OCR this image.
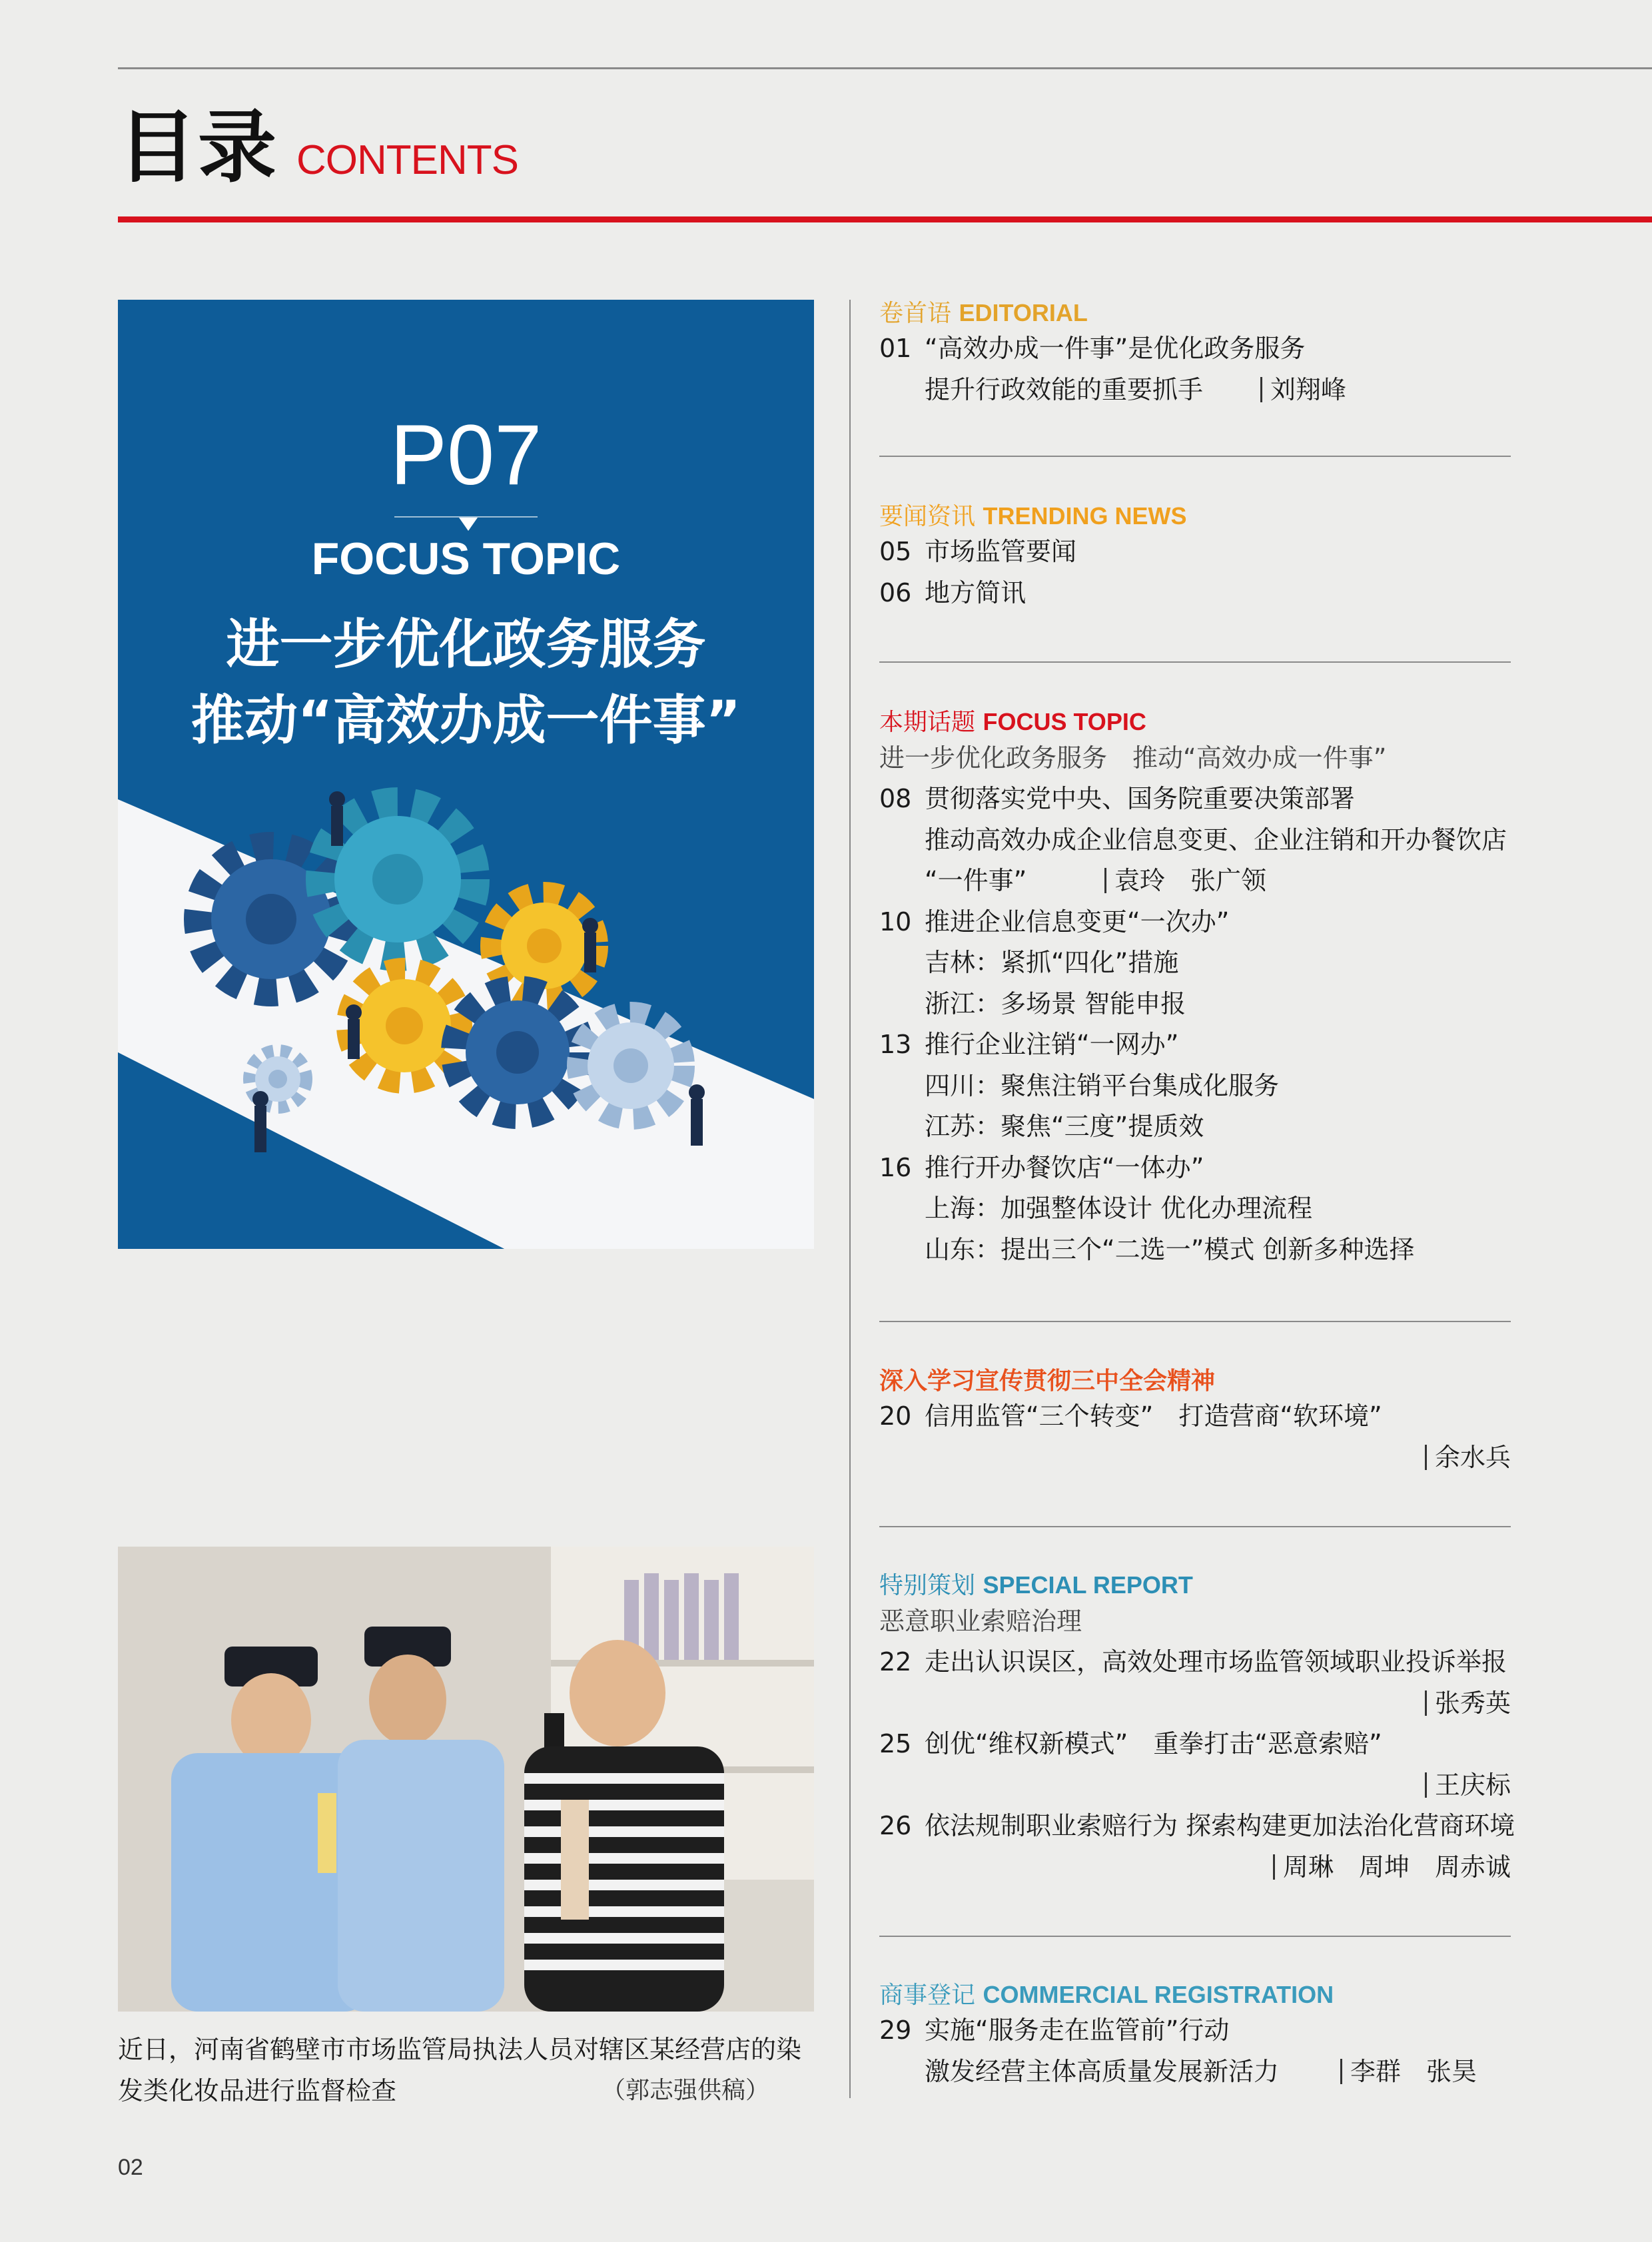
目录 CONTENTS
P07
FOCUS TOPIC
进一步优化政务服务
推动“高效办成一件事”
近日，河南省鹤壁市市场监管局执法人员对辖区某经营店的染发类化妆品进行监督检查	（郭志强供稿）
02
卷首语 EDITORIAL
01 “高效办成一件事”是优化政务服务
提升行政效能的重要抓手	刘翔峰
要闻资讯 TRENDING NEWS
05 市场监管要闻
06 地方简讯
本期话题 FOCUS TOPIC
进一步优化政务服务　推动“高效办成一件事”
08 贯彻落实党中央、国务院重要决策部署
推动高效办成企业信息变更、企业注销和开办餐饮店
“一件事”	袁玲　张广领
10 推进企业信息变更“一次办”
吉林：紧抓“四化”措施
浙江：多场景 智能申报
13 推行企业注销“一网办”
四川：聚焦注销平台集成化服务
江苏：聚焦“三度”提质效
16 推行开办餐饮店“一体办”
上海：加强整体设计 优化办理流程
山东：提出三个“二选一”模式 创新多种选择
深入学习宣传贯彻三中全会精神
20 信用监管“三个转变”　打造营商“软环境”
余水兵

特别策划 SPECIAL REPORT
恶意职业索赔治理
22 走出认识误区，高效处理市场监管领域职业投诉举报
张秀英

25 创优“维权新模式”　重拳打击“恶意索赔”
王庆标

26 依法规制职业索赔行为 探索构建更加法治化营商环境
周琳　周坤　周赤诚

商事登记 COMMERCIAL REGISTRATION
29 实施“服务走在监管前”行动
激发经营主体高质量发展新活力	李群　张昊
